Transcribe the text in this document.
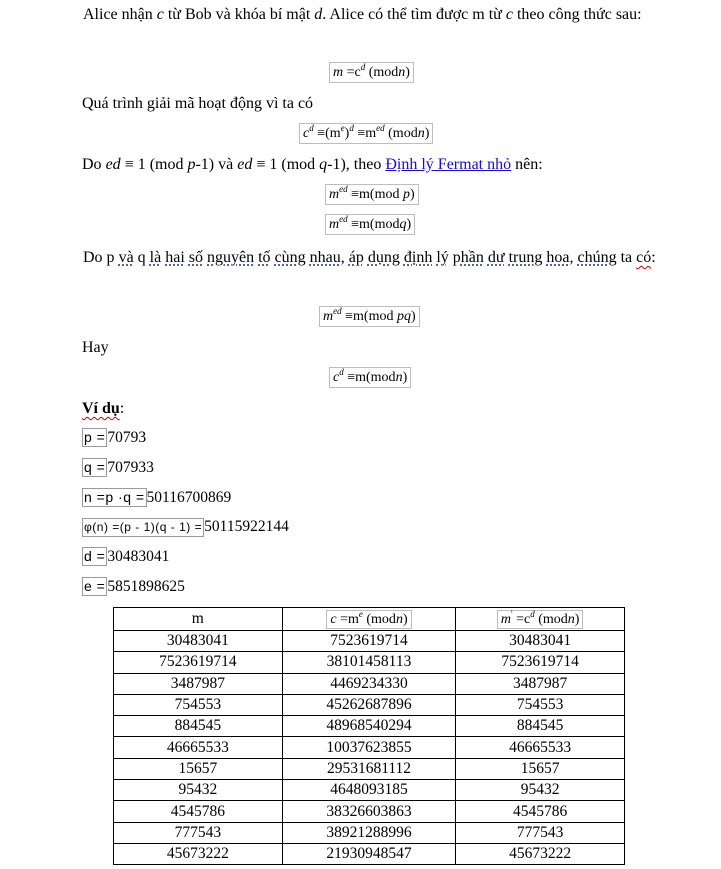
Alice nhận c từ Bob và khóa bí mật d. Alice có thể tìm được m từ c theo công thức sau:
$m =c^d$ (modn)
Quá trình giải mã hoạt động vì ta có
$c^d \equiv(m^e)^d \equiv m^{ed}$ (modn)
Do ed ≡ 1 (mod p-1) và ed ≡ 1 (mod q-1), theo Định lý Fermat nhỏ nên:
$m^{ed} \equiv m(mod$ p)
$m^{ed}$ ≡m(modq)
Do p và q là hai số nguyên tố cùng nhau, áp dụng định lý phần dư trung hoa, chúng ta có:
$m^{ed} \equiv m(mod$ pq)
Hay
$c^d$ ≡m(modn)
Ví dụ:
p = 70793
q = 707933
n =p ·q = 50116700869
φ(n) =(p - 1)(q - 1) = 50115922144
d = 30483041
e = 5851898625
m	$c =m^e$ (modn)	$m' =c^d$ (modn)
30483041	7523619714	30483041
7523619714	38101458113	7523619714
3487987	4469234330	3487987
754553	45262687896	754553
884545	48968540294	884545
46665533	10037623855	46665533
15657	29531681112	15657
95432	4648093185	95432
4545786	38326603863	4545786
777543	38921288996	777543
45673222	21930948547	45673222
